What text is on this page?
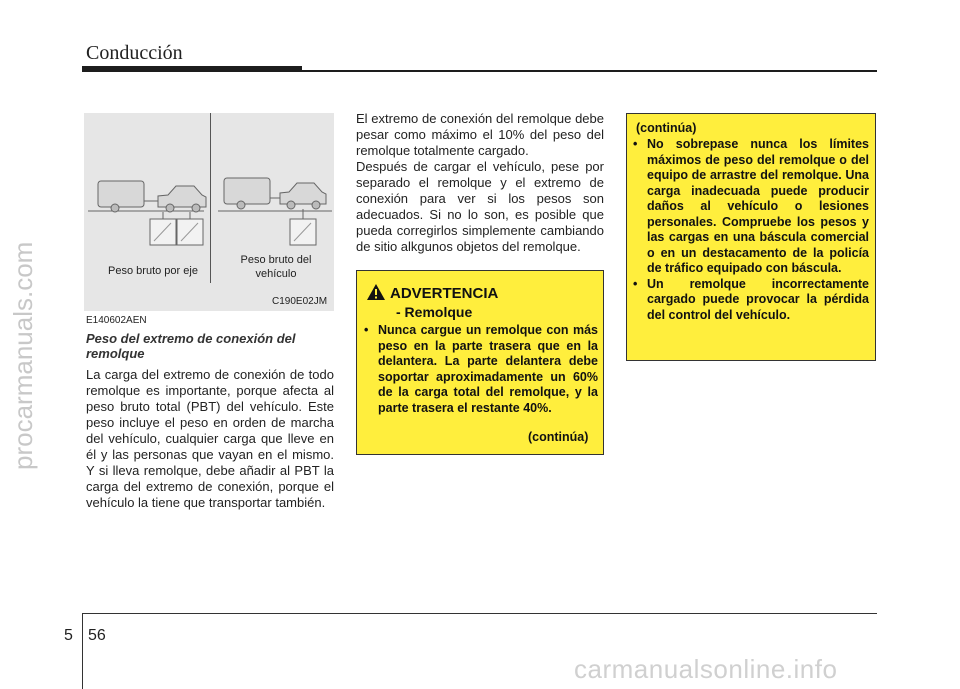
Conducción
procarmanuals.com	Peso bruto por eje
Peso bruto del vehículo
C190E02JM
E140602AEN
Peso del extremo de conexión del remolque
La carga del extremo de conexión de todo remolque es importante, porque afecta al peso bruto total (PBT) del vehículo. Este peso incluye el peso en orden de marcha del vehículo, cualquier carga que lleve en él y las personas que vayan en el mismo. Y si lleva remolque, debe añadir al PBT la carga del extremo de conexión, porque el vehículo la tiene que transportar también.
El extremo de conexión del remolque debe pesar como máximo el 10% del peso del remolque totalmente cargado.
Después de cargar el vehículo, pese por separado el remolque y el extremo de conexión para ver si los pesos son adecuados. Si no lo son, es posible que pueda corregirlos simplemente cambiando de sitio alkgunos objetos del remolque.
ADVERTENCIA
- Remolque
• Nunca cargue un remolque con más peso en la parte trasera que en la delantera. La parte delantera debe soportar aproximadamente un 60% de la carga total del remolque, y la parte trasera el restante 40%.
(continúa)
(continúa)
• No sobrepase nunca los límites máximos de peso del remolque o del equipo de arrastre del remolque. Una carga inadecuada puede producir daños al vehículo o lesiones personales. Compruebe los pesos y las cargas en una báscula comercial o en un destacamento de la policía de tráfico equipado con báscula.
• Un remolque incorrectamente cargado puede provocar la pérdida del control del vehículo.
5 56
carmanualsonline.info
